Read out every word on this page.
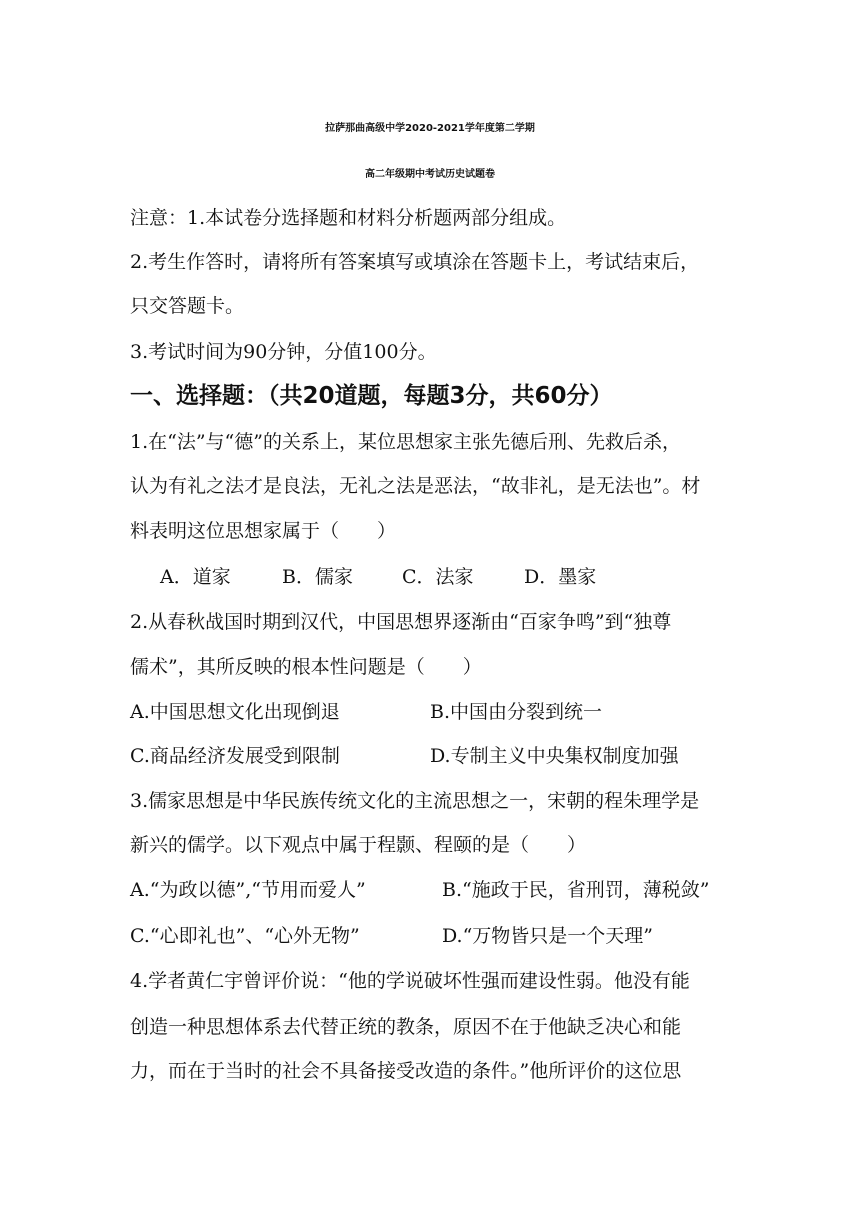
拉萨那曲高级中学2020-2021学年度第二学期
高二年级期中考试历史试题卷
注意：1.本试卷分选择题和材料分析题两部分组成。
2.考生作答时，请将所有答案填写或填涂在答题卡上，考试结束后，
只交答题卡。
3.考试时间为90分钟，分值100分。
一、选择题：（共20道题，每题3分，共60分）
1.在“法”与“德”的关系上，某位思想家主张先德后刑、先救后杀，
认为有礼之法才是良法，无礼之法是恶法，“故非礼，是无法也”。材
料表明这位思想家属于（　　）
A．道家	B．儒家	C．法家	D．墨家
2.从春秋战国时期到汉代，中国思想界逐渐由“百家争鸣”到“独尊
儒术”，其所反映的根本性问题是（　　）
A.中国思想文化出现倒退	B.中国由分裂到统一
C.商品经济发展受到限制	D.专制主义中央集权制度加强
3.儒家思想是中华民族传统文化的主流思想之一，宋朝的程朱理学是
新兴的儒学。以下观点中属于程颢、程颐的是（　　）
A.“为政以德”,“节用而爱人”	B.“施政于民，省刑罚，薄税敛”
C.“心即礼也”、“心外无物”	D.“万物皆只是一个天理”
4.学者黄仁宇曾评价说：“他的学说破坏性强而建设性弱。他没有能
创造一种思想体系去代替正统的教条，原因不在于他缺乏决心和能
力，而在于当时的社会不具备接受改造的条件。”他所评价的这位思
